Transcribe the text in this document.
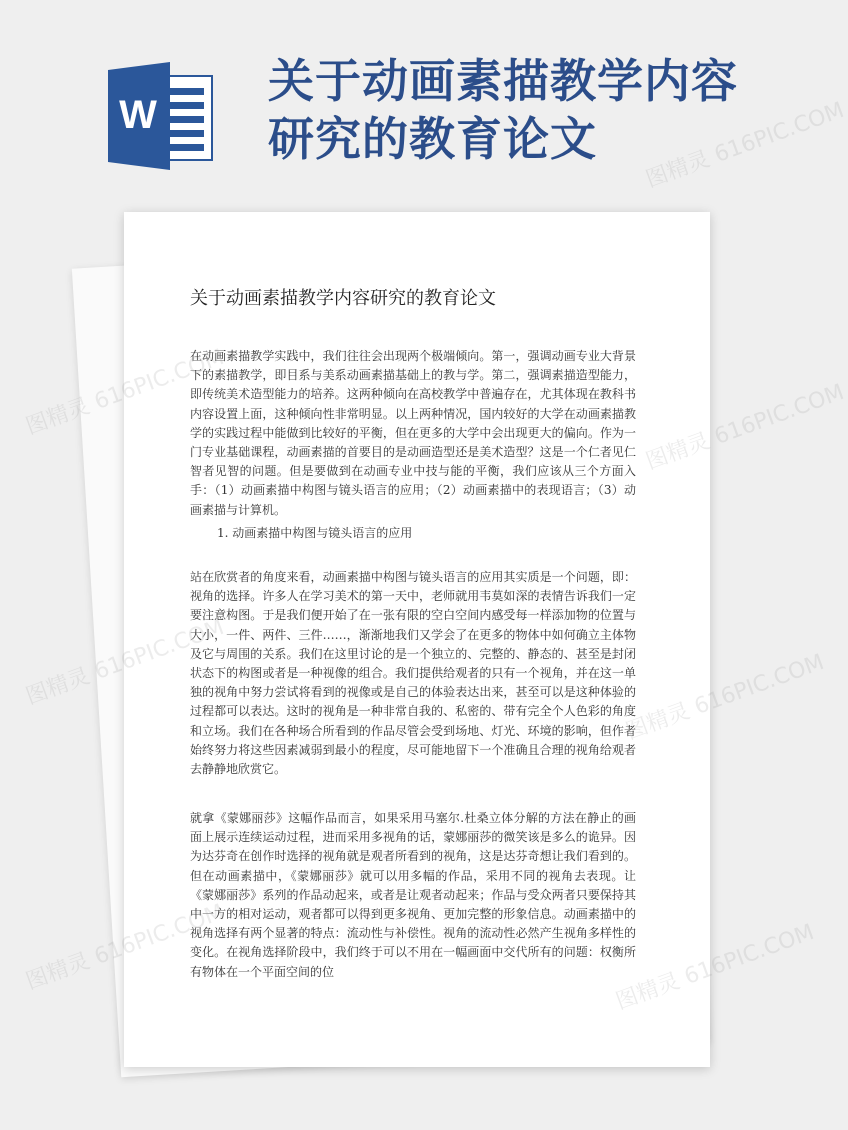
W
关于动画素描教学内容
研究的教育论文
关于动画素描教学内容研究的教育论文

在动画素描教学实践中，我们往往会出现两个极端倾向。第一，强调动画专业大背景下的素描教学，即目系与美系动画素描基础上的教与学。第二，强调素描造型能力，即传统美术造型能力的培养。这两种倾向在高校教学中普遍存在，尤其体现在教科书内容设置上面，这种倾向性非常明显。以上两种情况，国内较好的大学在动画素描教学的实践过程中能做到比较好的平衡，但在更多的大学中会出现更大的偏向。作为一门专业基础课程，动画素描的首要目的是动画造型还是美术造型？这是一个仁者见仁智者见智的问题。但是要做到在动画专业中技与能的平衡，我们应该从三个方面入手：（1）动画素描中构图与镜头语言的应用；（2）动画素描中的表现语言；（3）动画素描与计算机。

1. 动画素描中构图与镜头语言的应用

站在欣赏者的角度来看，动画素描中构图与镜头语言的应用其实质是一个问题，即：视角的选择。许多人在学习美术的第一天中，老师就用韦莫如深的表情告诉我们一定要注意构图。于是我们便开始了在一张有限的空白空间内感受每一样添加物的位置与大小，一件、两件、三件……，渐渐地我们又学会了在更多的物体中如何确立主体物及它与周围的关系。我们在这里讨论的是一个独立的、完整的、静态的、甚至是封闭状态下的构图或者是一种视像的组合。我们提供给观者的只有一个视角，并在这一单独的视角中努力尝试将看到的视像或是自己的体验表达出来，甚至可以是这种体验的过程都可以表达。这时的视角是一种非常自我的、私密的、带有完全个人色彩的角度和立场。我们在各种场合所看到的作品尽管会受到场地、灯光、环境的影响，但作者始终努力将这些因素减弱到最小的程度，尽可能地留下一个准确且合理的视角给观者去静静地欣赏它。

就拿《蒙娜丽莎》这幅作品而言，如果采用马塞尔.杜桑立体分解的方法在静止的画面上展示连续运动过程，进而采用多视角的话，蒙娜丽莎的微笑该是多么的诡异。因为达芬奇在创作时选择的视角就是观者所看到的视角，这是达芬奇想让我们看到的。但在动画素描中，《蒙娜丽莎》就可以用多幅的作品，采用不同的视角去表现。让《蒙娜丽莎》系列的作品动起来，或者是让观者动起来；作品与受众两者只要保持其中一方的相对运动，观者都可以得到更多视角、更加完整的形象信息。动画素描中的视角选择有两个显著的特点：流动性与补偿性。视角的流动性必然产生视角多样性的变化。在视角选择阶段中，我们终于可以不用在一幅画面中交代所有的问题：权衡所有物体在一个平面空间的位

图精灵 616PIC.COM
图精灵	图精灵 616PIC.COM
图精灵	图精灵 616PIC.COM
图精灵	图精灵 616PIC.COM
